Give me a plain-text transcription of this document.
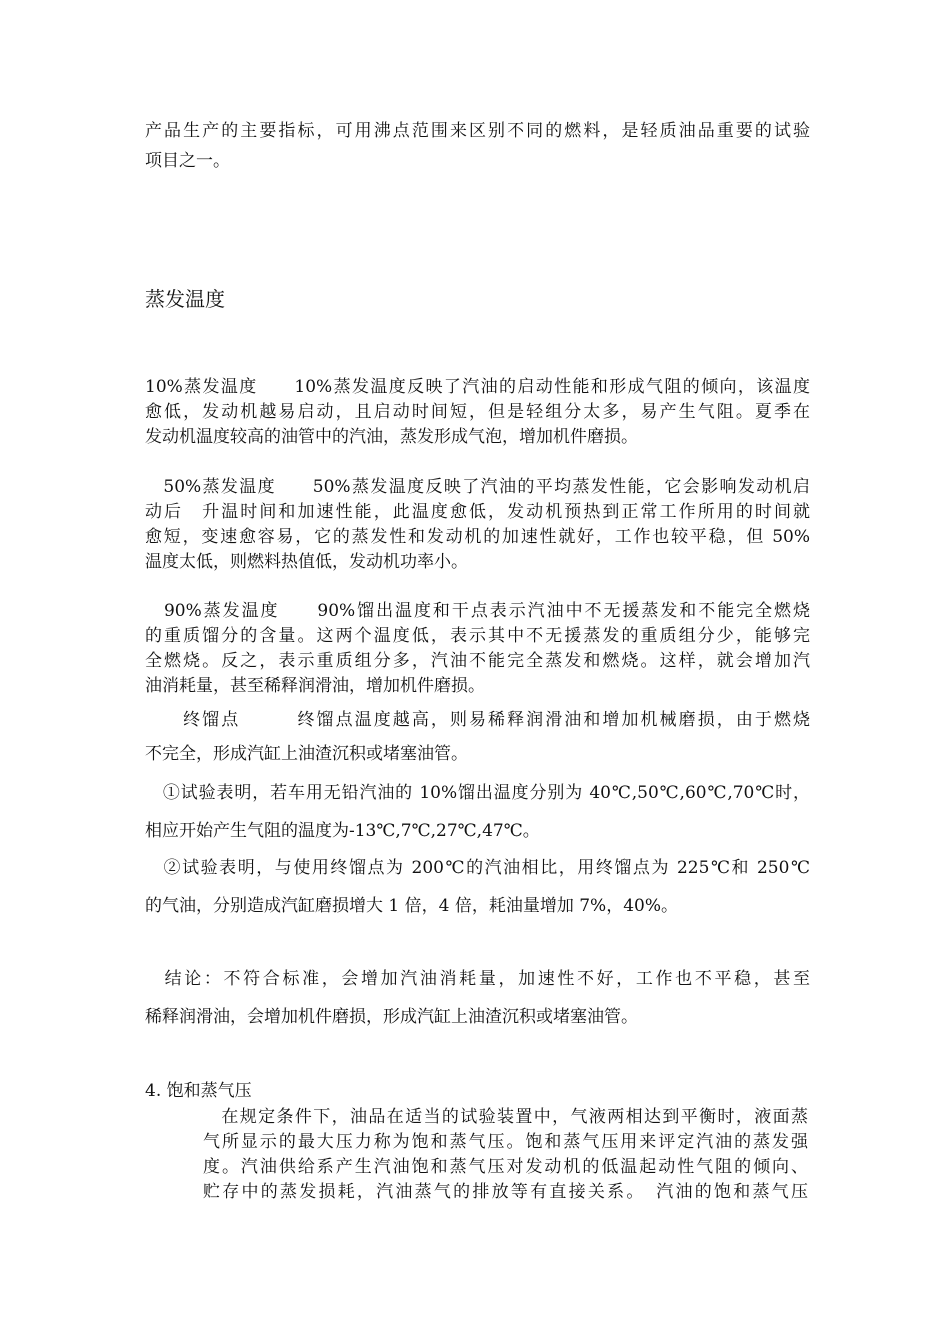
产品生产的主要指标，可用沸点范围来区别不同的燃料，是轻质油品重要的试验
项目之一。
蒸发温度
10%蒸发温度　　10%蒸发温度反映了汽油的启动性能和形成气阻的倾向，该温度
愈低，发动机越易启动，且启动时间短，但是轻组分太多，易产生气阻。夏季在
发动机温度较高的油管中的汽油，蒸发形成气泡，增加机件磨损。
　50%蒸发温度　　50%蒸发温度反映了汽油的平均蒸发性能，它会影响发动机启
动后　升温时间和加速性能，此温度愈低，发动机预热到正常工作所用的时间就
愈短，变速愈容易，它的蒸发性和发动机的加速性就好，工作也较平稳，但 50%
温度太低，则燃料热值低，发动机功率小。
　90%蒸发温度　　90%馏出温度和干点表示汽油中不无援蒸发和不能完全燃烧
的重质馏分的含量。这两个温度低，表示其中不无援蒸发的重质组分少，能够完
全燃烧。反之，表示重质组分多，汽油不能完全蒸发和燃烧。这样，就会增加汽
油消耗量，甚至稀释润滑油，增加机件磨损。
　　终馏点　　　终馏点温度越高，则易稀释润滑油和增加机械磨损，由于燃烧
不完全，形成汽缸上油渣沉积或堵塞油管。
　①试验表明，若车用无铅汽油的 10%馏出温度分别为 40℃,50℃,60℃,70℃时，
相应开始产生气阻的温度为-13℃,7℃,27℃,47℃。
　②试验表明，与使用终馏点为 200℃的汽油相比，用终馏点为 225℃和 250℃
的气油，分别造成汽缸磨损增大 1 倍，4 倍，耗油量增加 7%，40%。
　结论：不符合标准，会增加汽油消耗量，加速性不好，工作也不平稳，甚至
稀释润滑油，会增加机件磨损，形成汽缸上油渣沉积或堵塞油管。
4. 饱和蒸气压
　在规定条件下，油品在适当的试验装置中，气液两相达到平衡时，液面蒸
气所显示的最大压力称为饱和蒸气压。饱和蒸气压用来评定汽油的蒸发强
度。汽油供给系产生汽油饱和蒸气压对发动机的低温起动性气阻的倾向、
贮存中的蒸发损耗，汽油蒸气的排放等有直接关系。　汽油的饱和蒸气压
